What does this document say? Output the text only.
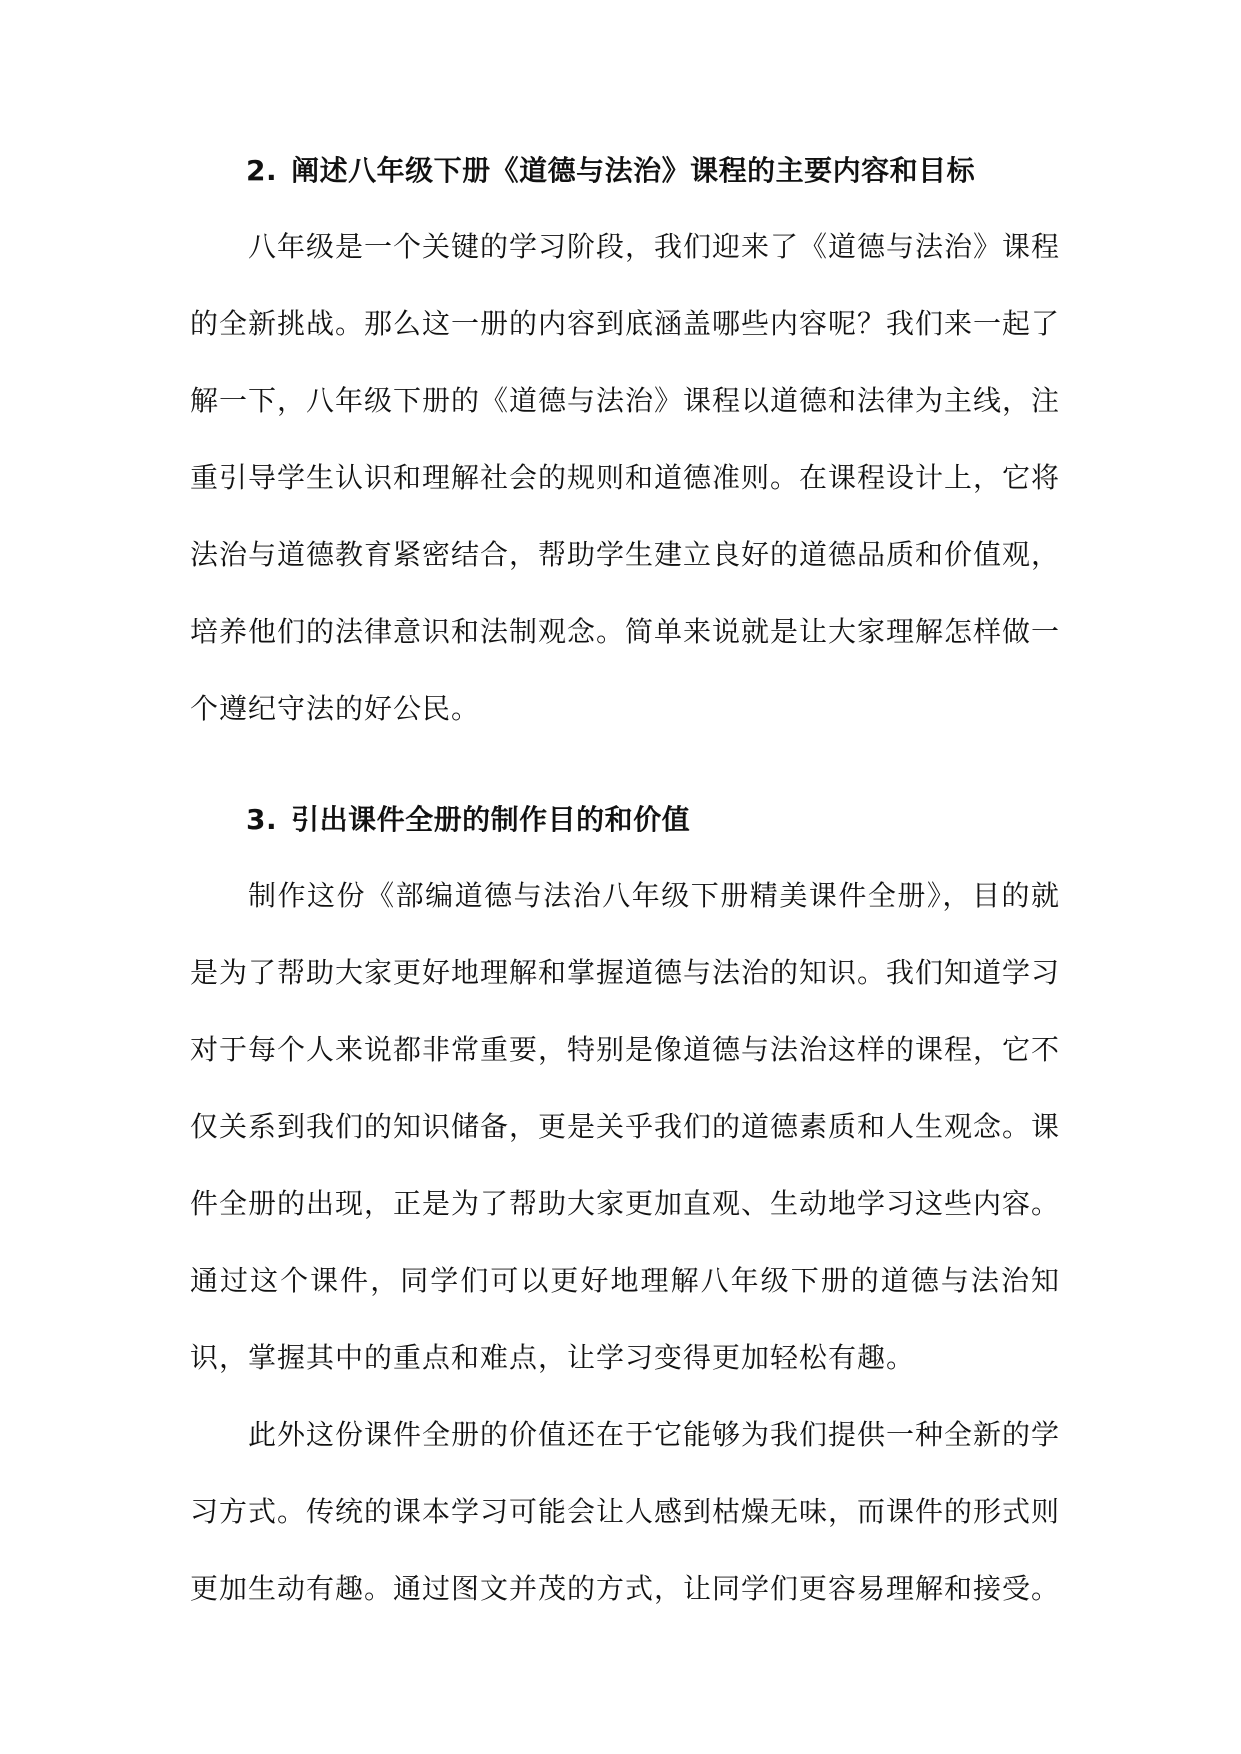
2. 阐述八年级下册《道德与法治》课程的主要内容和目标

八年级是一个关键的学习阶段，我们迎来了《道德与法治》课程的全新挑战。那么这一册的内容到底涵盖哪些内容呢？我们来一起了解一下，八年级下册的《道德与法治》课程以道德和法律为主线，注重引导学生认识和理解社会的规则和道德准则。在课程设计上，它将法治与道德教育紧密结合，帮助学生建立良好的道德品质和价值观，培养他们的法律意识和法制观念。简单来说就是让大家理解怎样做一个遵纪守法的好公民。

3. 引出课件全册的制作目的和价值

制作这份《部编道德与法治八年级下册精美课件全册》，目的就是为了帮助大家更好地理解和掌握道德与法治的知识。我们知道学习对于每个人来说都非常重要，特别是像道德与法治这样的课程，它不仅关系到我们的知识储备，更是关乎我们的道德素质和人生观念。课件全册的出现，正是为了帮助大家更加直观、生动地学习这些内容。通过这个课件，同学们可以更好地理解八年级下册的道德与法治知识，掌握其中的重点和难点，让学习变得更加轻松有趣。

此外这份课件全册的价值还在于它能够为我们提供一种全新的学习方式。传统的课本学习可能会让人感到枯燥无味，而课件的形式则更加生动有趣。通过图文并茂的方式，让同学们更容易理解和接受。
